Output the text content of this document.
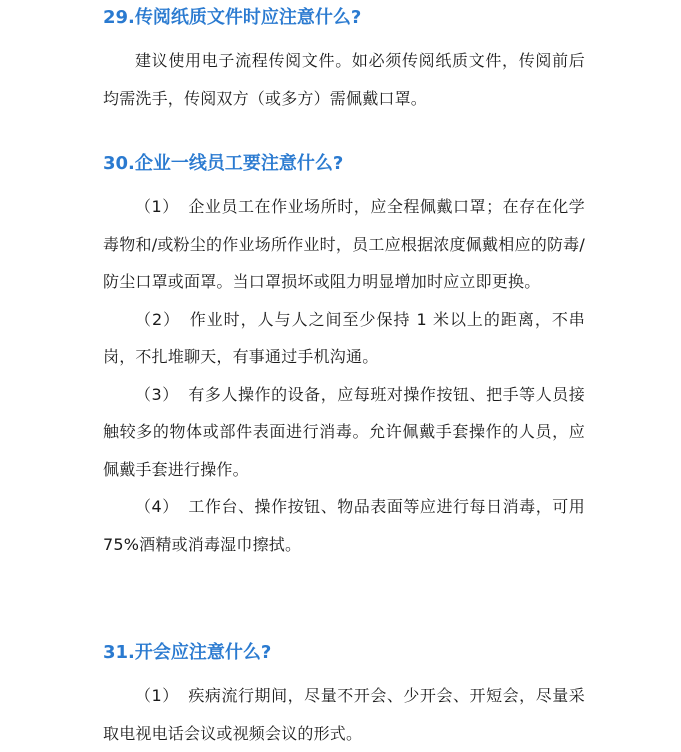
29.传阅纸质文件时应注意什么?

建议使用电子流程传阅文件。如必须传阅纸质文件，传阅前后均需洗手，传阅双方（或多方）需佩戴口罩。

30.企业一线员工要注意什么?

（1） 企业员工在作业场所时，应全程佩戴口罩；在存在化学毒物和/或粉尘的作业场所作业时，员工应根据浓度佩戴相应的防毒/防尘口罩或面罩。当口罩损坏或阻力明显增加时应立即更换。

（2） 作业时，人与人之间至少保持 1 米以上的距离，不串岗，不扎堆聊天，有事通过手机沟通。

（3） 有多人操作的设备，应每班对操作按钮、把手等人员接触较多的物体或部件表面进行消毒。允许佩戴手套操作的人员，应佩戴手套进行操作。

（4） 工作台、操作按钮、物品表面等应进行每日消毒，可用 75%酒精或消毒湿巾擦拭。

31.开会应注意什么?

（1） 疾病流行期间，尽量不开会、少开会、开短会，尽量采取电视电话会议或视频会议的形式。
